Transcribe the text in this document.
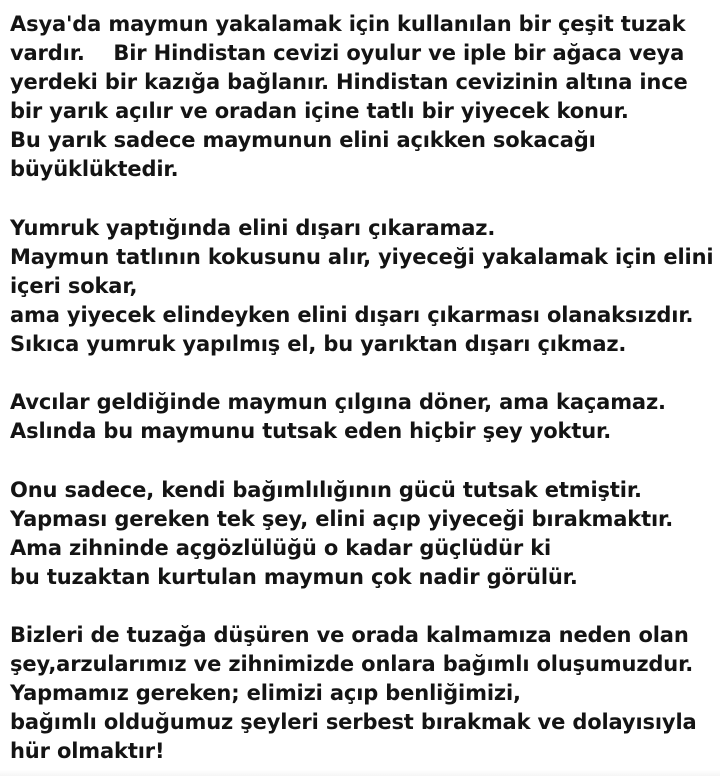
Asya'da maymun yakalamak için kullanılan bir çeşit tuzak
vardır.    Bir Hindistan cevizi oyulur ve iple bir ağaca veya
yerdeki bir kazığa bağlanır. Hindistan cevizinin altına ince
bir yarık açılır ve oradan içine tatlı bir yiyecek konur.
Bu yarık sadece maymunun elini açıkken sokacağı
büyüklüktedir.
Yumruk yaptığında elini dışarı çıkaramaz.
Maymun tatlının kokusunu alır, yiyeceği yakalamak için elini
içeri sokar,
ama yiyecek elindeyken elini dışarı çıkarması olanaksızdır.
Sıkıca yumruk yapılmış el, bu yarıktan dışarı çıkmaz.
Avcılar geldiğinde maymun çılgına döner, ama kaçamaz.
Aslında bu maymunu tutsak eden hiçbir şey yoktur.
Onu sadece, kendi bağımlılığının gücü tutsak etmiştir.
Yapması gereken tek şey, elini açıp yiyeceği bırakmaktır.
Ama zihninde açgözlülüğü o kadar güçlüdür ki
bu tuzaktan kurtulan maymun çok nadir görülür.
Bizleri de tuzağa düşüren ve orada kalmamıza neden olan
şey,arzularımız ve zihnimizde onlara bağımlı oluşumuzdur.
Yapmamız gereken; elimizi açıp benliğimizi,
bağımlı olduğumuz şeyleri serbest bırakmak ve dolayısıyla
hür olmaktır!
